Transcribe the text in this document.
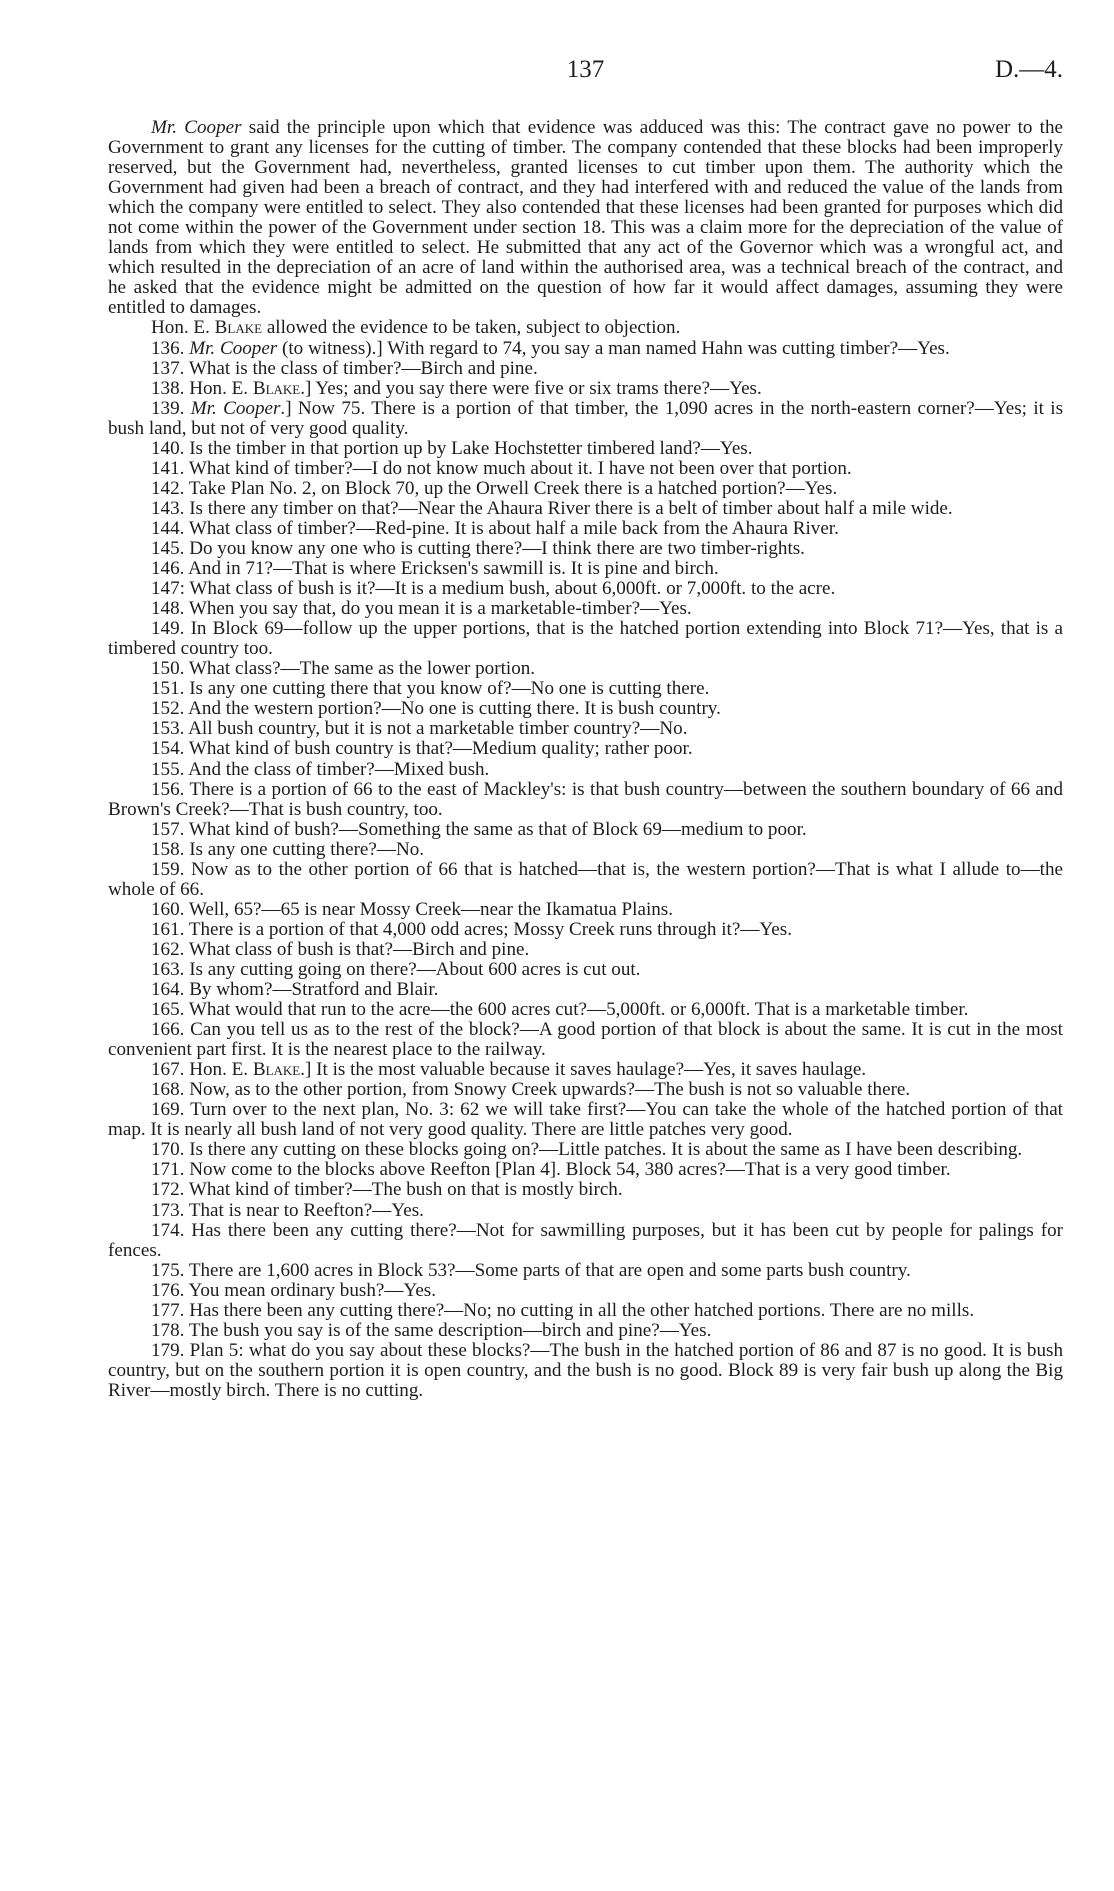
137	D.—4.

Mr. Cooper said the principle upon which that evidence was adduced was this: The contract gave no power to the Government to grant any licenses for the cutting of timber. The company contended that these blocks had been improperly reserved, but the Government had, nevertheless, granted licenses to cut timber upon them. The authority which the Government had given had been a breach of contract, and they had interfered with and reduced the value of the lands from which the company were entitled to select. They also contended that these licenses had been granted for purposes which did not come within the power of the Government under section 18. This was a claim more for the depreciation of the value of lands from which they were entitled to select. He submitted that any act of the Governor which was a wrongful act, and which resulted in the depreciation of an acre of land within the authorised area, was a technical breach of the contract, and he asked that the evidence might be admitted on the question of how far it would affect damages, assuming they were entitled to damages.

Hon. E. Blake allowed the evidence to be taken, subject to objection.

136. Mr. Cooper (to witness).] With regard to 74, you say a man named Hahn was cutting timber?—Yes.

137. What is the class of timber?—Birch and pine.

138. Hon. E. Blake.] Yes; and you say there were five or six trams there?—Yes.

139. Mr. Cooper.] Now 75. There is a portion of that timber, the 1,090 acres in the north-eastern corner?—Yes; it is bush land, but not of very good quality.

140. Is the timber in that portion up by Lake Hochstetter timbered land?—Yes.

141. What kind of timber?—I do not know much about it. I have not been over that portion.

142. Take Plan No. 2, on Block 70, up the Orwell Creek there is a hatched portion?—Yes.

143. Is there any timber on that?—Near the Ahaura River there is a belt of timber about half a mile wide.

144. What class of timber?—Red-pine. It is about half a mile back from the Ahaura River.

145. Do you know any one who is cutting there?—I think there are two timber-rights.

146. And in 71?—That is where Ericksen's sawmill is. It is pine and birch.

147: What class of bush is it?—It is a medium bush, about 6,000ft. or 7,000ft. to the acre.

148. When you say that, do you mean it is a marketable-timber?—Yes.

149. In Block 69—follow up the upper portions, that is the hatched portion extending into Block 71?—Yes, that is a timbered country too.

150. What class?—The same as the lower portion.

151. Is any one cutting there that you know of?—No one is cutting there.

152. And the western portion?—No one is cutting there. It is bush country.

153. All bush country, but it is not a marketable timber country?—No.

154. What kind of bush country is that?—Medium quality; rather poor.

155. And the class of timber?—Mixed bush.

156. There is a portion of 66 to the east of Mackley's: is that bush country—between the southern boundary of 66 and Brown's Creek?—That is bush country, too.

157. What kind of bush?—Something the same as that of Block 69—medium to poor.

158. Is any one cutting there?—No.

159. Now as to the other portion of 66 that is hatched—that is, the western portion?—That is what I allude to—the whole of 66.

160. Well, 65?—65 is near Mossy Creek—near the Ikamatua Plains.

161. There is a portion of that 4,000 odd acres; Mossy Creek runs through it?—Yes.

162. What class of bush is that?—Birch and pine.

163. Is any cutting going on there?—About 600 acres is cut out.

164. By whom?—Stratford and Blair.

165. What would that run to the acre—the 600 acres cut?—5,000ft. or 6,000ft. That is a marketable timber.

166. Can you tell us as to the rest of the block?—A good portion of that block is about the same. It is cut in the most convenient part first. It is the nearest place to the railway.

167. Hon. E. Blake.] It is the most valuable because it saves haulage?—Yes, it saves haulage.

168. Now, as to the other portion, from Snowy Creek upwards?—The bush is not so valuable there.

169. Turn over to the next plan, No. 3: 62 we will take first?—You can take the whole of the hatched portion of that map. It is nearly all bush land of not very good quality. There are little patches very good.

170. Is there any cutting on these blocks going on?—Little patches. It is about the same as I have been describing.

171. Now come to the blocks above Reefton [Plan 4]. Block 54, 380 acres?—That is a very good timber.

172. What kind of timber?—The bush on that is mostly birch.

173. That is near to Reefton?—Yes.

174. Has there been any cutting there?—Not for sawmilling purposes, but it has been cut by people for palings for fences.

175. There are 1,600 acres in Block 53?—Some parts of that are open and some parts bush country.

176. You mean ordinary bush?—Yes.

177. Has there been any cutting there?—No; no cutting in all the other hatched portions. There are no mills.

178. The bush you say is of the same description—birch and pine?—Yes.

179. Plan 5: what do you say about these blocks?—The bush in the hatched portion of 86 and 87 is no good. It is bush country, but on the southern portion it is open country, and the bush is no good. Block 89 is very fair bush up along the Big River—mostly birch. There is no cutting.
